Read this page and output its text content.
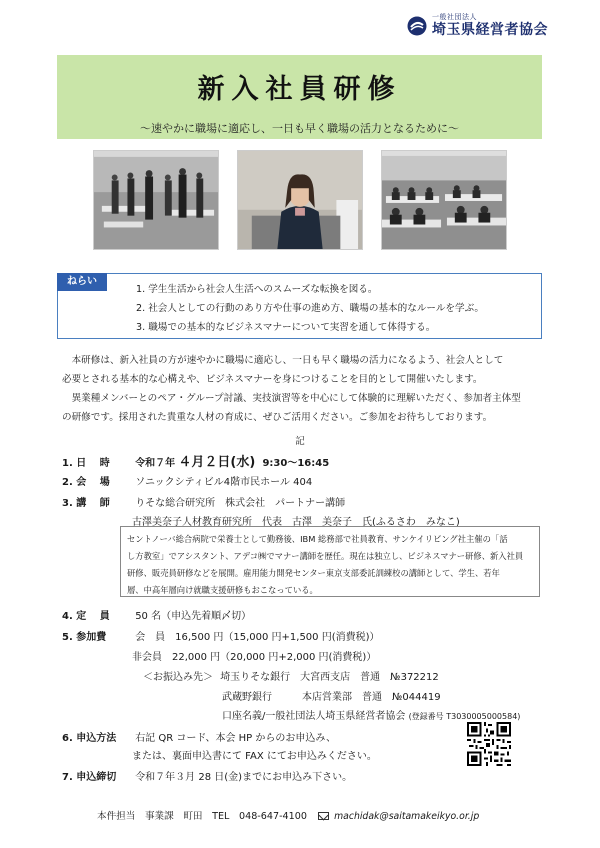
一般社団法人
埼玉県経営者協会
新入社員研修
～速やかに職場に適応し、一日も早く職場の活力となるために～
ねらい
1. 学生生活から社会人生活へのスムーズな転換を図る。
2. 社会人としての行動のあり方や仕事の進め方、職場の基本的なルールを学ぶ。
3. 職場での基本的なビジネスマナーについて実習を通して体得する。
　本研修は、新入社員の方が速やかに職場に適応し、一日も早く職場の活力になるよう、社会人として
必要とされる基本的な心構えや、ビジネスマナーを身につけることを目的として開催いたします。
　異業種メンバーとのペア・グループ討議、実技演習等を中心にして体験的に理解いただく、参加者主体型
の研修です。採用された貴重な人材の育成に、ぜひご活用ください。ご参加をお待ちしております。
記
1. 日　 時	令和７年 ４月２日(水) 9:30～16:45
2. 会　 場	ソニックシティビル4階市民ホール 404
3. 講　 師	りそな総合研究所　株式会社　パートナー講師
古澤美奈子人材教育研究所　代表　古澤　美奈子　氏(ふるさわ　みなこ)
セントノーバ総合病院で栄養士として勤務後、IBM 総務部で社員教育、サンケイリビング社主催の「話
し方教室」でアシスタント、アデコ㈱でマナー講師を歴任。現在は独立し、ビジネスマナー研修、新入社員
研修、販売員研修などを展開。雇用能力開発センター東京支部委託訓練校の講師として、学生、若年
層、中高年層向け就職支援研修もおこなっている。
4. 定　 員	50 名（申込先着順〆切）
5. 参加費	会　員　16,500 円（15,000 円+1,500 円(消費税)）
非会員　22,000 円（20,000 円+2,000 円(消費税)）
＜お振込み先＞ 埼玉りそな銀行　大宮西支店　普通　№372212
武蔵野銀行　　　本店営業部　普通　№044419
口座名義/一般社団法人埼玉県経営者協会 (登録番号 T3030005000584)
6. 申込方法 右記 QR コード、本会 HP からのお申込み、
または、裏面申込書にて FAX にてお申込みください。
7. 申込締切 令和７年３月 28 日(金)までにお申込み下さい。
本件担当　事業課　町田　TEL　048-647-4100	machidak@saitamakeikyo.or.jp
